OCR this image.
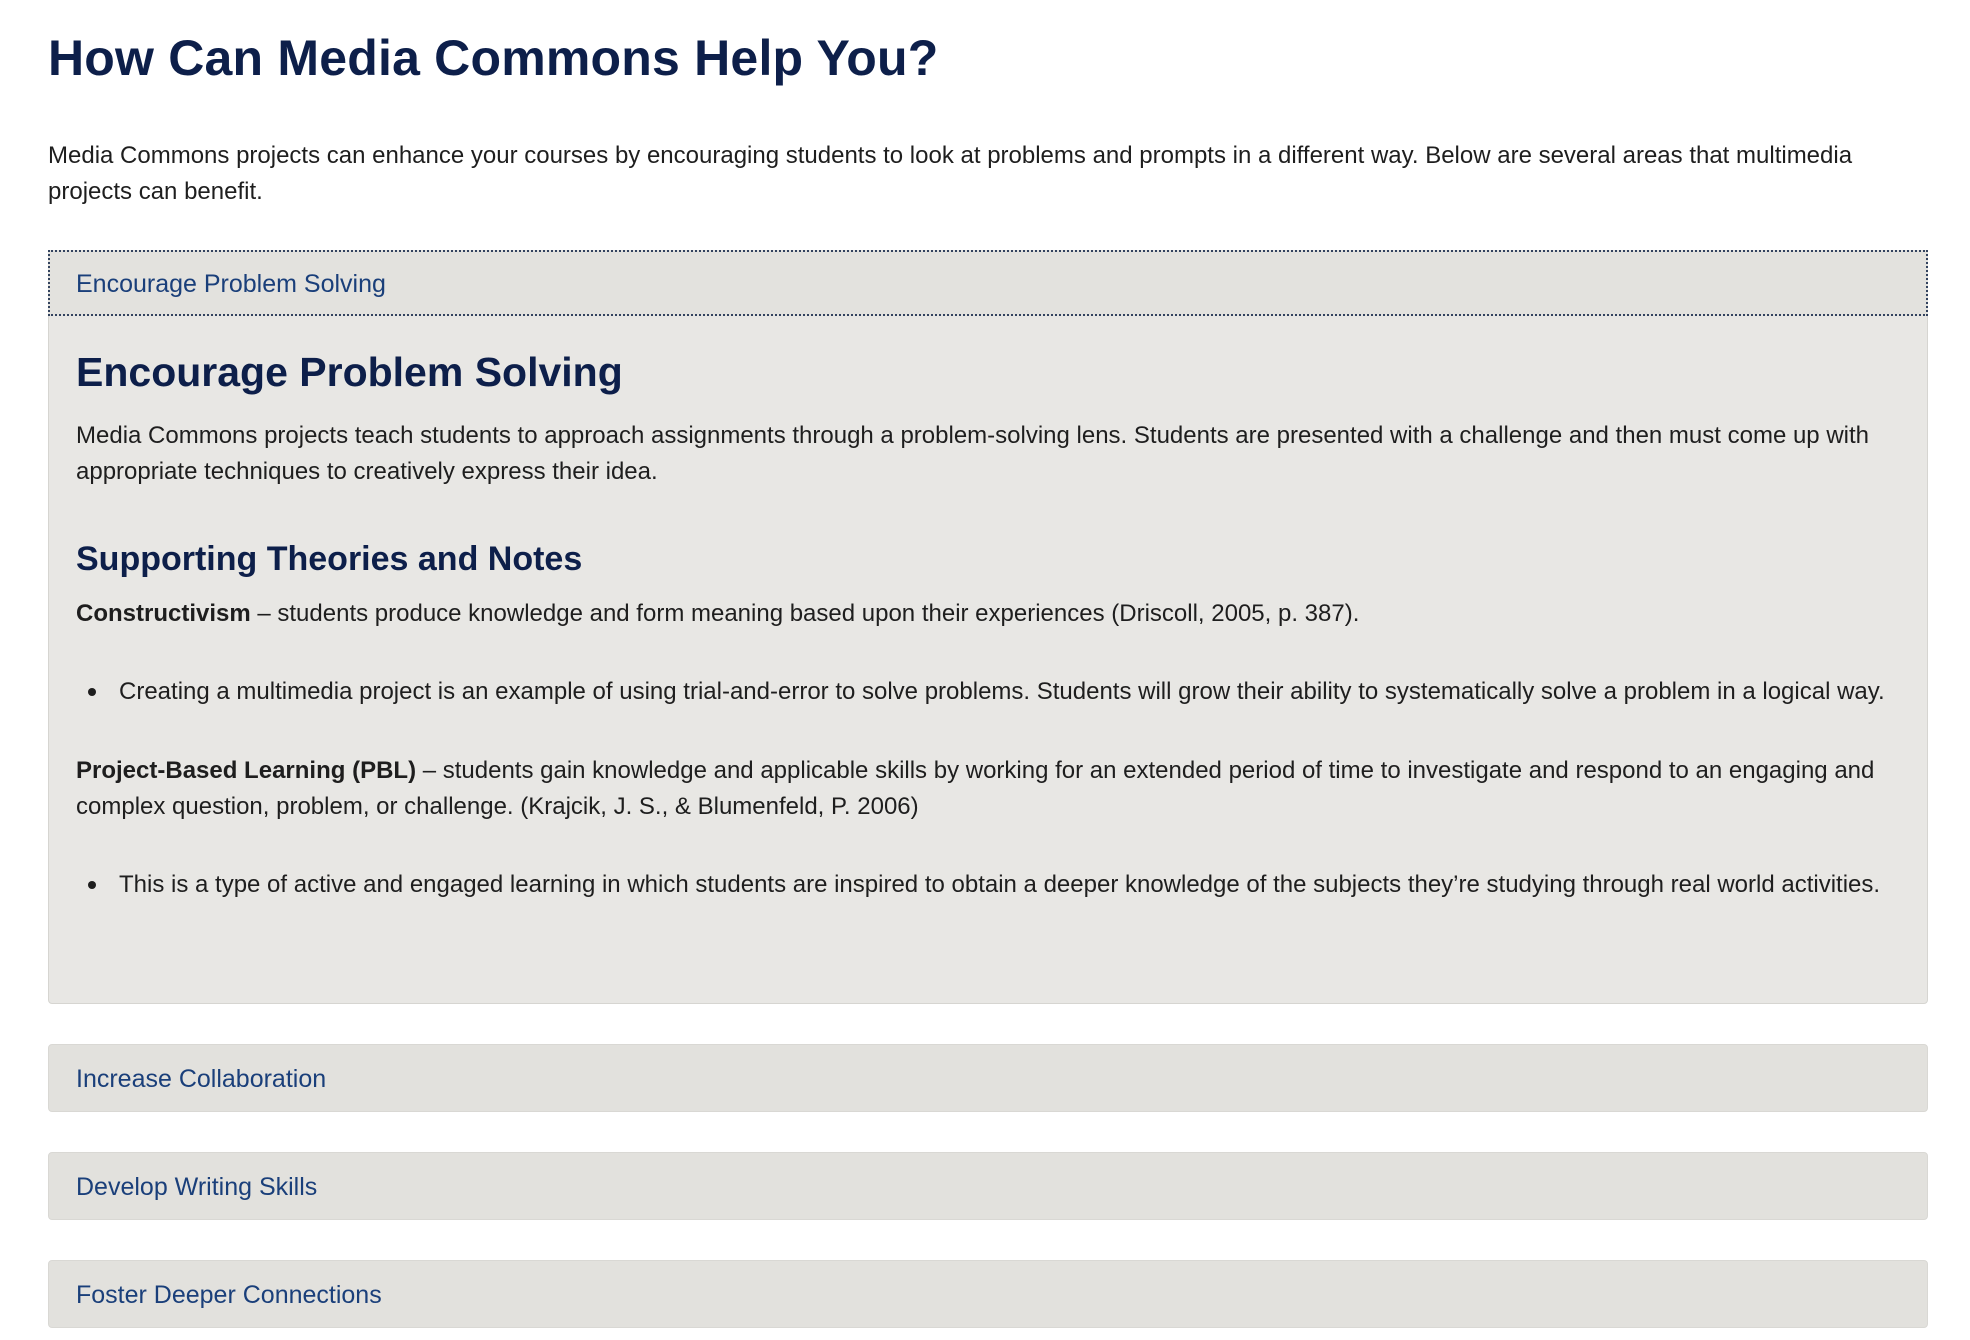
How Can Media Commons Help You?

Media Commons projects can enhance your courses by encouraging students to look at problems and prompts in a different way. Below are several areas that multimedia projects can benefit.

Encourage Problem Solving
Encourage Problem Solving

Media Commons projects teach students to approach assignments through a problem-solving lens. Students are presented with a challenge and then must come up with appropriate techniques to creatively express their idea.

Supporting Theories and Notes

Constructivism – students produce knowledge and form meaning based upon their experiences (Driscoll, 2005, p. 387).

Creating a multimedia project is an example of using trial-and-error to solve problems. Students will grow their ability to systematically solve a problem in a logical way.

Project-Based Learning (PBL) – students gain knowledge and applicable skills by working for an extended period of time to investigate and respond to an engaging and complex question, problem, or challenge. (Krajcik, J. S., & Blumenfeld, P. 2006)

This is a type of active and engaged learning in which students are inspired to obtain a deeper knowledge of the subjects they’re studying through real world activities.
Increase Collaboration
Develop Writing Skills
Foster Deeper Connections
